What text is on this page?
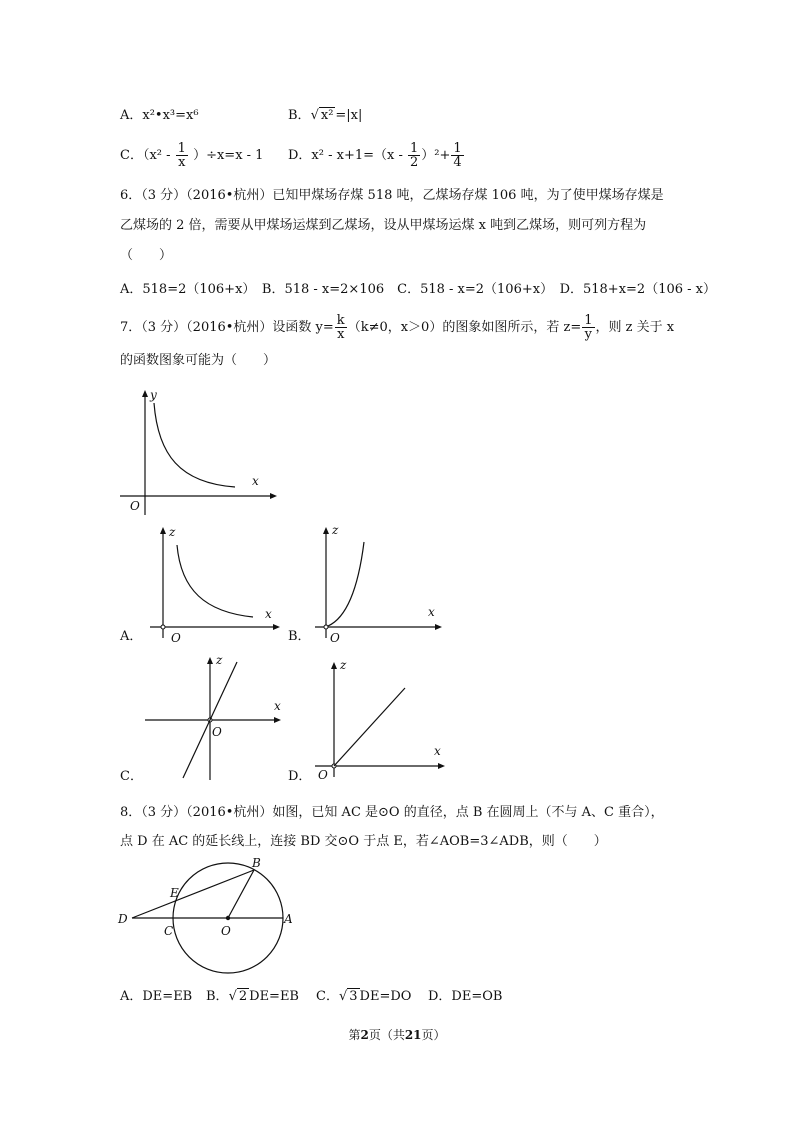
A．x²•x³=x⁶	B．√ x² =|x|
C．$(x^2 - \frac{1}{x} )\div x=x - 1$ D．$x^2 - x+1=(x - \frac{1}{2} )^2+ \frac{1}{4}$
6．（3 分）（2016•杭州）已知甲煤场存煤 518 吨，乙煤场存煤 106 吨，为了使甲煤场存煤是
乙煤场的 2 倍，需要从甲煤场运煤到乙煤场，设从甲煤场运煤 x 吨到乙煤场，则可列方程为
（　　）
A．518=2（106+x）　B．518 - x=2×106　C．518 - x=2（106+x）　D．518+x=2（106 - x）
7．（3 分）（2016•杭州）设函数 $y= \frac{k}{x} (k\ne 0$，x＞0）的图象如图所示，若 $z= \frac{1}{y}$ ，则 z 关于 x
的函数图象可能为（　　）
y
x
O
A．
z
x
O	B．
z
x
O
C．
z
x
O
D．
z
x
O
8．（3 分）（2016•杭州）如图，已知 AC 是⊙O 的直径，点 B 在圆周上（不与 A、C 重合），
点 D 在 AC 的延长线上，连接 BD 交⊙O 于点 E，若∠AOB=3∠ADB，则（　　）
B
E
D
C	O
A
A．DE=EB B．√ 2 DE=EB C．√ 3 DE=DO D．DE=OB
第2页（共21页）
